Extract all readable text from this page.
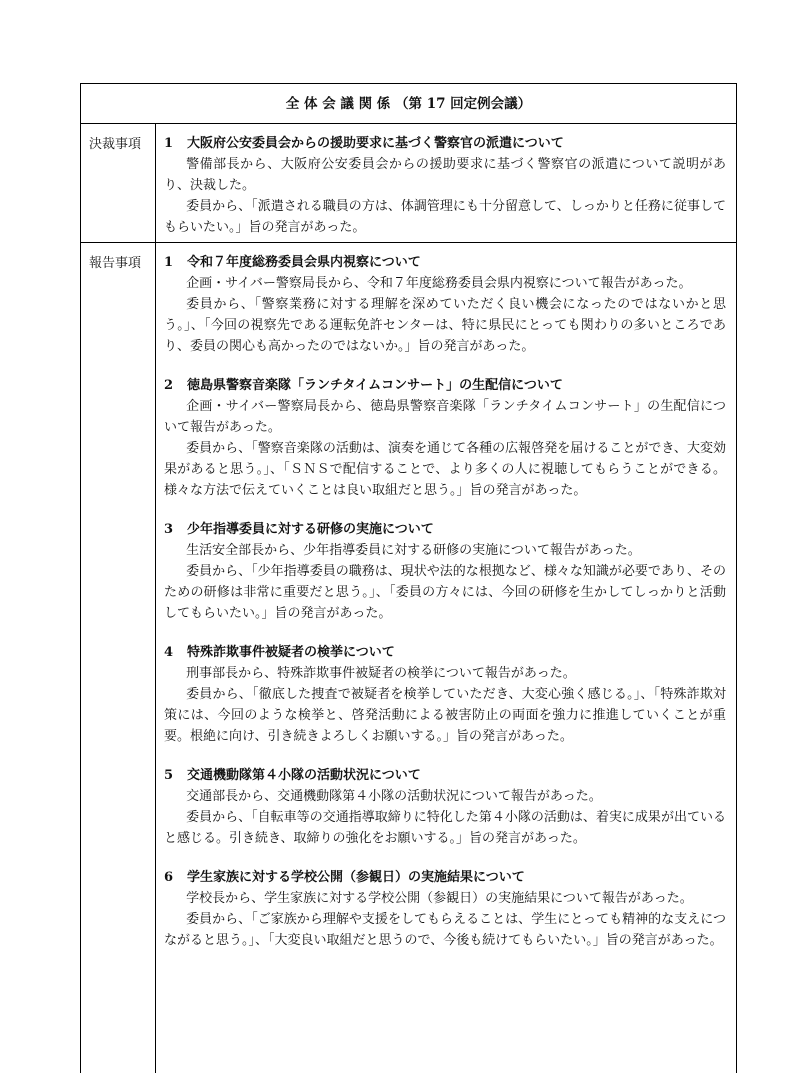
全 体 会 議 関 係 （第 17 回定例会議）
決裁事項	1	大阪府公安委員会からの援助要求に基づく警察官の派遣について

警備部長から、大阪府公安委員会からの援助要求に基づく警察官の派遣について説明があり、決裁した。

委員から、「派遣される職員の方は、体調管理にも十分留意して、しっかりと任務に従事してもらいたい。」旨の発言があった。

報告事項	1	令和７年度総務委員会県内視察について

企画・サイバー警察局長から、令和７年度総務委員会県内視察について報告があった。

委員から、「警察業務に対する理解を深めていただく良い機会になったのではないかと思う。」、「今回の視察先である運転免許センターは、特に県民にとっても関わりの多いところであり、委員の関心も高かったのではないか。」旨の発言があった。

2	徳島県警察音楽隊「ランチタイムコンサート」の生配信について

企画・サイバー警察局長から、徳島県警察音楽隊「ランチタイムコンサート」の生配信について報告があった。

委員から、「警察音楽隊の活動は、演奏を通じて各種の広報啓発を届けることができ、大変効果があると思う。」、「ＳＮＳで配信することで、より多くの人に視聴してもらうことができる。様々な方法で伝えていくことは良い取組だと思う。」旨の発言があった。

3	少年指導委員に対する研修の実施について

生活安全部長から、少年指導委員に対する研修の実施について報告があった。

委員から、「少年指導委員の職務は、現状や法的な根拠など、様々な知識が必要であり、そのための研修は非常に重要だと思う。」、「委員の方々には、今回の研修を生かしてしっかりと活動してもらいたい。」旨の発言があった。

4	特殊詐欺事件被疑者の検挙について

刑事部長から、特殊詐欺事件被疑者の検挙について報告があった。

委員から、「徹底した捜査で被疑者を検挙していただき、大変心強く感じる。」、「特殊詐欺対策には、今回のような検挙と、啓発活動による被害防止の両面を強力に推進していくことが重要。根絶に向け、引き続きよろしくお願いする。」旨の発言があった。

5	交通機動隊第４小隊の活動状況について

交通部長から、交通機動隊第４小隊の活動状況について報告があった。

委員から、「自転車等の交通指導取締りに特化した第４小隊の活動は、着実に成果が出ていると感じる。引き続き、取締りの強化をお願いする。」旨の発言があった。

6	学生家族に対する学校公開（参観日）の実施結果について

学校長から、学生家族に対する学校公開（参観日）の実施結果について報告があった。

委員から、「ご家族から理解や支援をしてもらえることは、学生にとっても精神的な支えにつながると思う。」、「大変良い取組だと思うので、今後も続けてもらいたい。」旨の発言があった。
